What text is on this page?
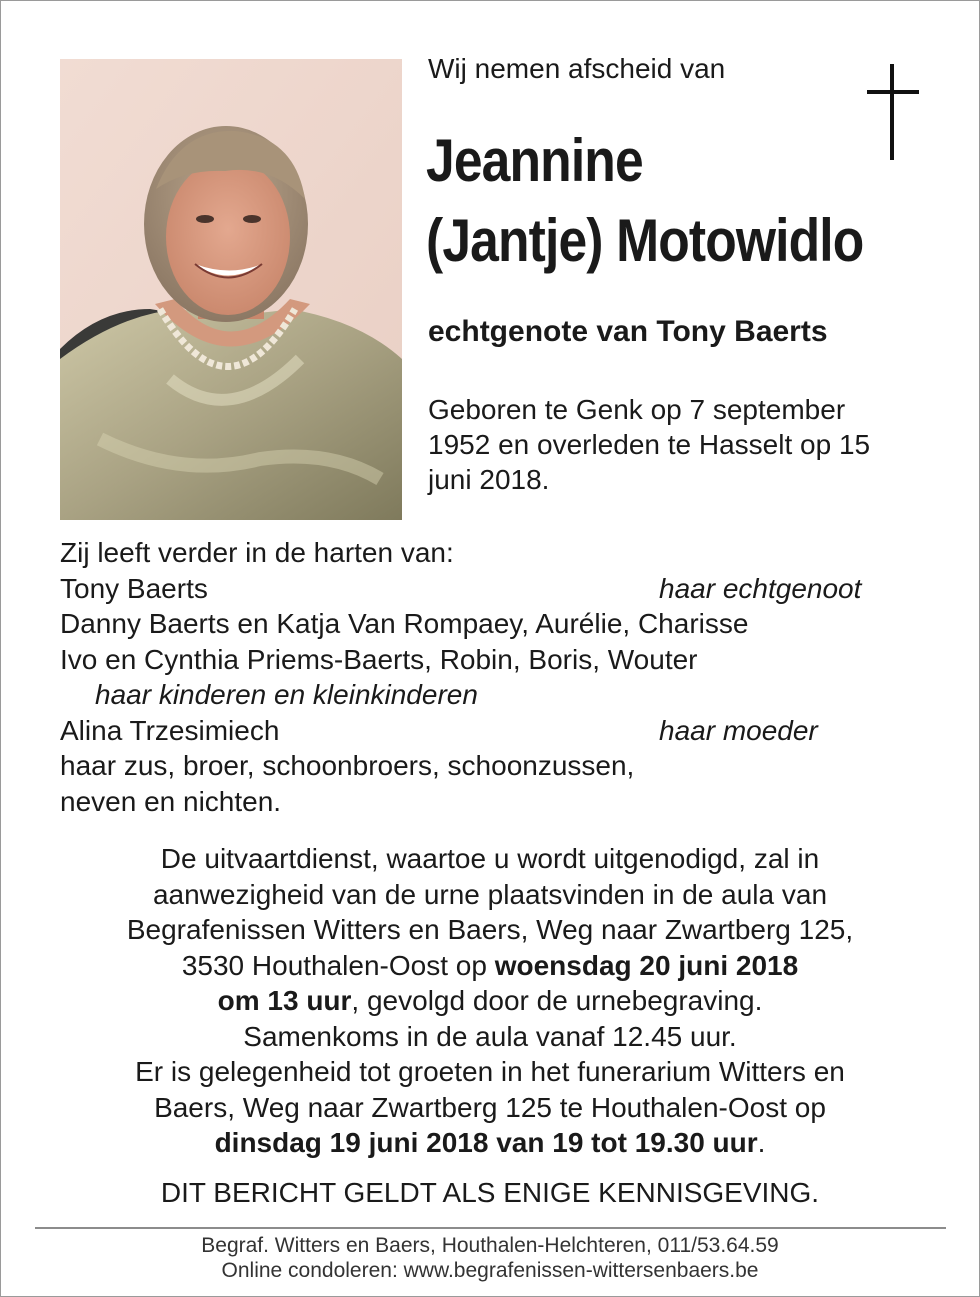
Wij nemen afscheid van
Jeannine
(Jantje) Motowidlo
echtgenote van Tony Baerts
Geboren te Genk op 7 september 1952 en overleden te Hasselt op 15 juni 2018.
Zij leeft verder in de harten van:
Tony Baerts	haar echtgenoot
Danny Baerts en Katja Van Rompaey, Aurélie, Charisse
Ivo en Cynthia Priems-Baerts, Robin, Boris, Wouter
haar kinderen en kleinkinderen
Alina Trzesimiech	haar moeder
haar zus, broer, schoonbroers, schoonzussen,
neven en nichten.
De uitvaartdienst, waartoe u wordt uitgenodigd, zal in
aanwezigheid van de urne plaatsvinden in de aula van
Begrafenissen Witters en Baers, Weg naar Zwartberg 125,
3530 Houthalen-Oost op woensdag 20 juni 2018
om 13 uur, gevolgd door de urnebegraving.
Samenkoms in de aula vanaf 12.45 uur.
Er is gelegenheid tot groeten in het funerarium Witters en
Baers, Weg naar Zwartberg 125 te Houthalen-Oost op
dinsdag 19 juni 2018 van 19 tot 19.30 uur.
DIT BERICHT GELDT ALS ENIGE KENNISGEVING.
Begraf. Witters en Baers, Houthalen-Helchteren, 011/53.64.59
Online condoleren: www.begrafenissen-wittersenbaers.be
